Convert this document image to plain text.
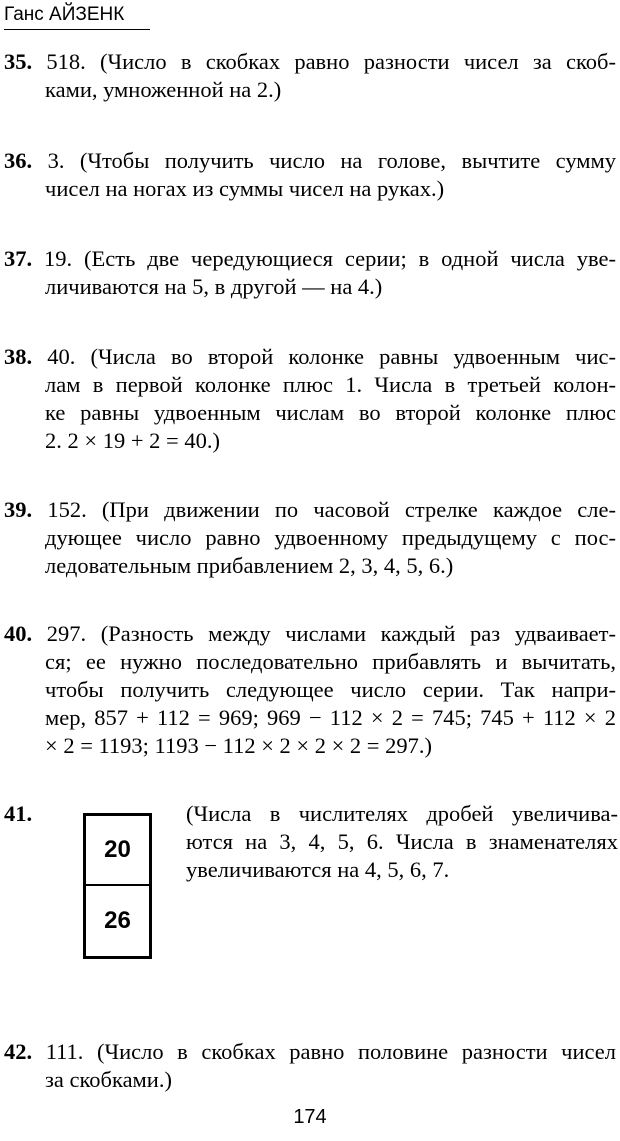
Ганс АЙЗЕНК
35. 518. (Число в скобках равно разности чисел за скоб-
ками, умноженной на 2.)
36. 3. (Чтобы получить число на голове, вычтите сумму
чисел на ногах из суммы чисел на руках.)
37. 19. (Есть две чередующиеся серии; в одной числа уве-
личиваются на 5, в другой — на 4.)
38. 40. (Числа во второй колонке равны удвоенным чис-
лам в первой колонке плюс 1. Числа в третьей колон-
ке равны удвоенным числам во второй колонке плюс
2. 2 × 19 + 2 = 40.)
39. 152. (При движении по часовой стрелке каждое сле-
дующее число равно удвоенному предыдущему с пос-
ледовательным прибавлением 2, 3, 4, 5, 6.)
40. 297. (Разность между числами каждый раз удваивает-
ся; ее нужно последовательно прибавлять и вычитать,
чтобы получить следующее число серии. Так напри-
мер, 857 + 112 = 969; 969 − 112 × 2 = 745; 745 + 112 × 2
× 2 = 1193; 1193 − 112 × 2 × 2 × 2 = 297.)
41. $\frac{20}{26}$ (Числа в числителях дробей увеличива-
ются на 3, 4, 5, 6. Числа в знаменателях
увеличиваются на 4, 5, 6, 7.
42. 111. (Число в скобках равно половине разности чисел
за скобками.)
174
